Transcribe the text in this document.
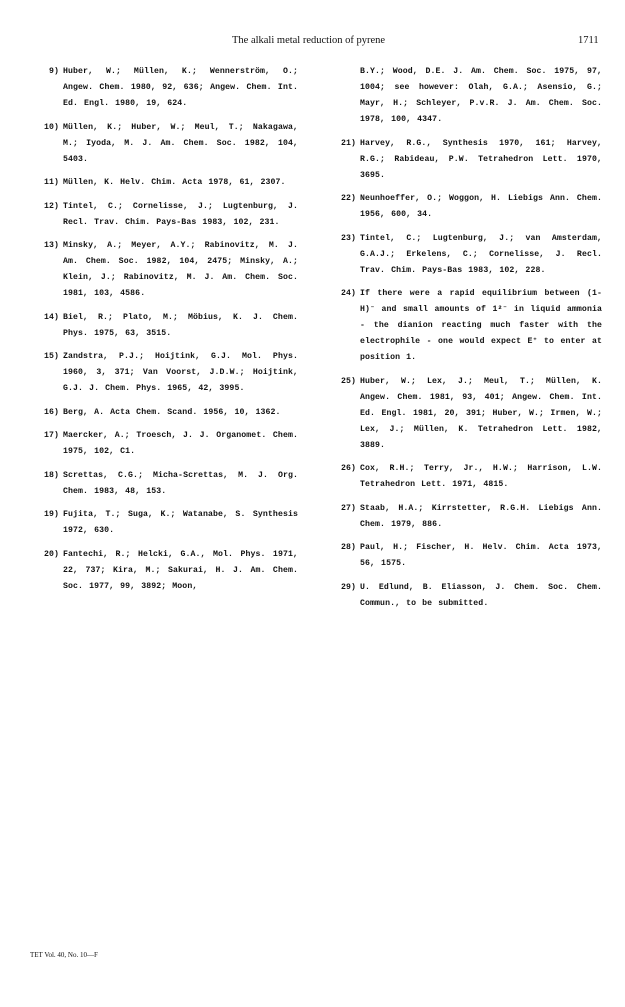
The alkali metal reduction of pyrene	1711
9) Huber, W.; Müllen, K.; Wennerström, O.; Angew. Chem. 1980, 92, 636; Angew. Chem. Int. Ed. Engl. 1980, 19, 624.
10) Müllen, K.; Huber, W.; Meul, T.; Nakagawa, M.; Iyoda, M. J. Am. Chem. Soc. 1982, 104, 5403.
11) Müllen, K. Helv. Chim. Acta 1978, 61, 2307.
12) Tintel, C.; Cornelisse, J.; Lugtenburg, J. Recl. Trav. Chim. Pays-Bas 1983, 102, 231.
13) Minsky, A.; Meyer, A.Y.; Rabinovitz, M. J. Am. Chem. Soc. 1982, 104, 2475; Minsky, A.; Klein, J.; Rabinovitz, M. J. Am. Chem. Soc. 1981, 103, 4586.
14) Biel, R.; Plato, M.; Möbius, K. J. Chem. Phys. 1975, 63, 3515.
15) Zandstra, P.J.; Hoijtink, G.J. Mol. Phys. 1960, 3, 371; Van Voorst, J.D.W.; Hoijtink, G.J. J. Chem. Phys. 1965, 42, 3995.
16) Berg, A. Acta Chem. Scand. 1956, 10, 1362.
17) Maercker, A.; Troesch, J. J. Organomet. Chem. 1975, 102, C1.
18) Screttas, C.G.; Micha-Screttas, M. J. Org. Chem. 1983, 48, 153.
19) Fujita, T.; Suga, K.; Watanabe, S. Synthesis 1972, 630.
20) Fantechi, R.; Helcki, G.A., Mol. Phys. 1971, 22, 737; Kira, M.; Sakurai, H. J. Am. Chem. Soc. 1977, 99, 3892; Moon,
B.Y.; Wood, D.E. J. Am. Chem. Soc. 1975, 97, 1004; see however: Olah, G.A.; Asensio, G.; Mayr, H.; Schleyer, P.v.R. J. Am. Chem. Soc. 1978, 100, 4347.
21) Harvey, R.G., Synthesis 1970, 161; Harvey, R.G.; Rabideau, P.W. Tetrahedron Lett. 1970, 3695.
22) Neunhoeffer, O.; Woggon, H. Liebigs Ann. Chem. 1956, 600, 34.
23) Tintel, C.; Lugtenburg, J.; van Amsterdam, G.A.J.; Erkelens, C.; Cornelisse, J. Recl. Trav. Chim. Pays-Bas 1983, 102, 228.
24) If there were a rapid equilibrium between (1-H)⁻ and small amounts of 1²⁻ in liquid ammonia - the dianion reacting much faster with the electrophile - one would expect E⁺ to enter at position 1.
25) Huber, W.; Lex, J.; Meul, T.; Müllen, K. Angew. Chem. 1981, 93, 401; Angew. Chem. Int. Ed. Engl. 1981, 20, 391; Huber, W.; Irmen, W.; Lex, J.; Müllen, K. Tetrahedron Lett. 1982, 3889.
26) Cox, R.H.; Terry, Jr., H.W.; Harrison, L.W. Tetrahedron Lett. 1971, 4815.
27) Staab, H.A.; Kirrstetter, R.G.H. Liebigs Ann. Chem. 1979, 886.
28) Paul, H.; Fischer, H. Helv. Chim. Acta 1973, 56, 1575.
29) U. Edlund, B. Eliasson, J. Chem. Soc. Chem. Commun., to be submitted.
TET Vol. 40, No. 10—F
